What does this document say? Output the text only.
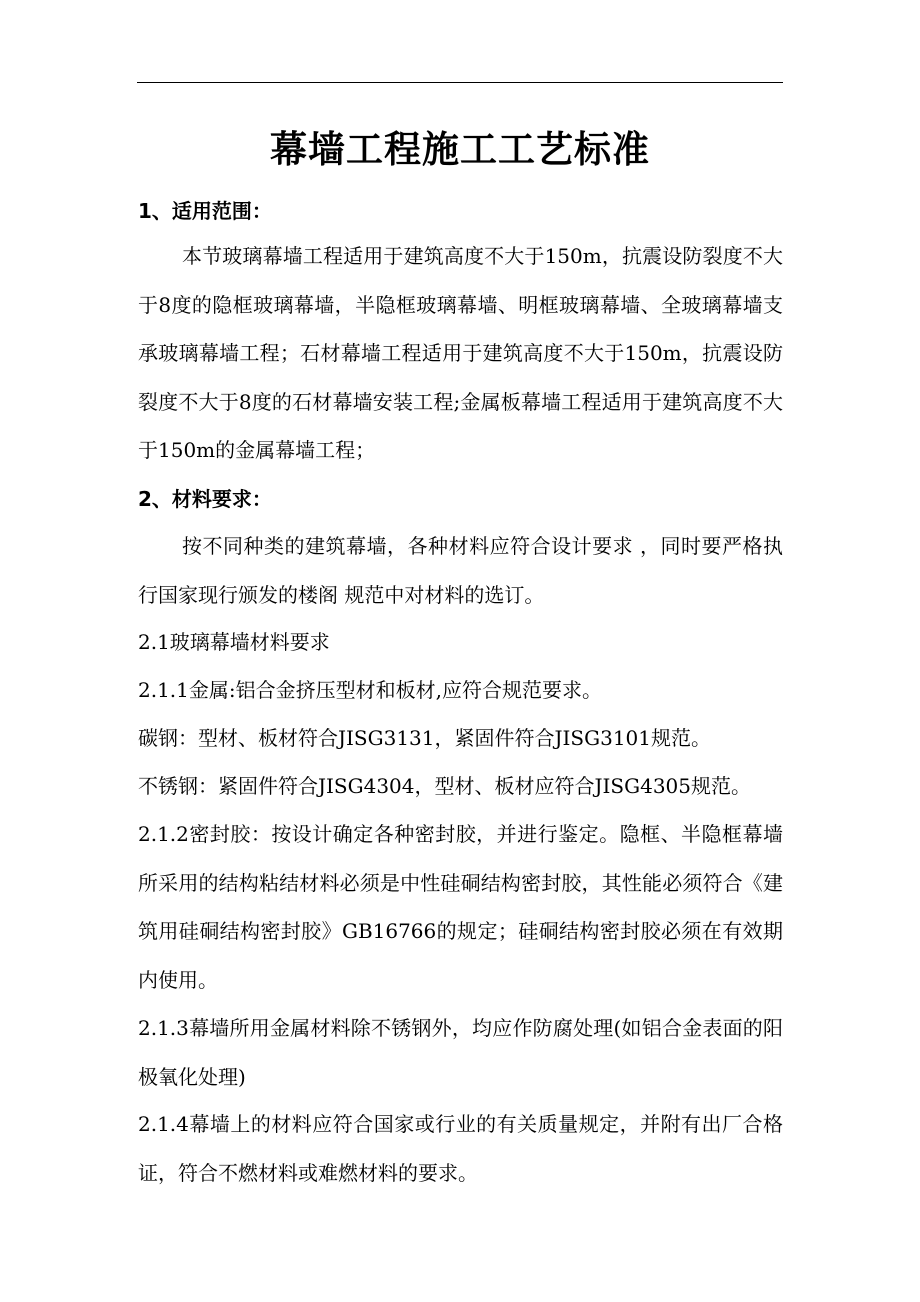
幕墙工程施工工艺标准
1、适用范围：

本节玻璃幕墙工程适用于建筑高度不大于150m，抗震设防裂度不大于8度的隐框玻璃幕墙，半隐框玻璃幕墙、明框玻璃幕墙、全玻璃幕墙支承玻璃幕墙工程；石材幕墙工程适用于建筑高度不大于150m，抗震设防裂度不大于8度的石材幕墙安装工程;金属板幕墙工程适用于建筑高度不大于150m的金属幕墙工程；

2、材料要求：

按不同种类的建筑幕墙，各种材料应符合设计要求 ，同时要严格执行国家现行颁发的楼阁 规范中对材料的选订。

2.1玻璃幕墙材料要求

2.1.1金属:铝合金挤压型材和板材,应符合规范要求。

碳钢：型材、板材符合JISG3131，紧固件符合JISG3101规范。

不锈钢：紧固件符合JISG4304，型材、板材应符合JISG4305规范。

2.1.2密封胶：按设计确定各种密封胶，并进行鉴定。隐框、半隐框幕墙所采用的结构粘结材料必须是中性硅硐结构密封胶，其性能必须符合《建筑用硅硐结构密封胶》GB16766的规定；硅硐结构密封胶必须在有效期内使用。

2.1.3幕墙所用金属材料除不锈钢外，均应作防腐处理(如铝合金表面的阳极氧化处理)

2.1.4幕墙上的材料应符合国家或行业的有关质量规定，并附有出厂合格证，符合不燃材料或难燃材料的要求。
